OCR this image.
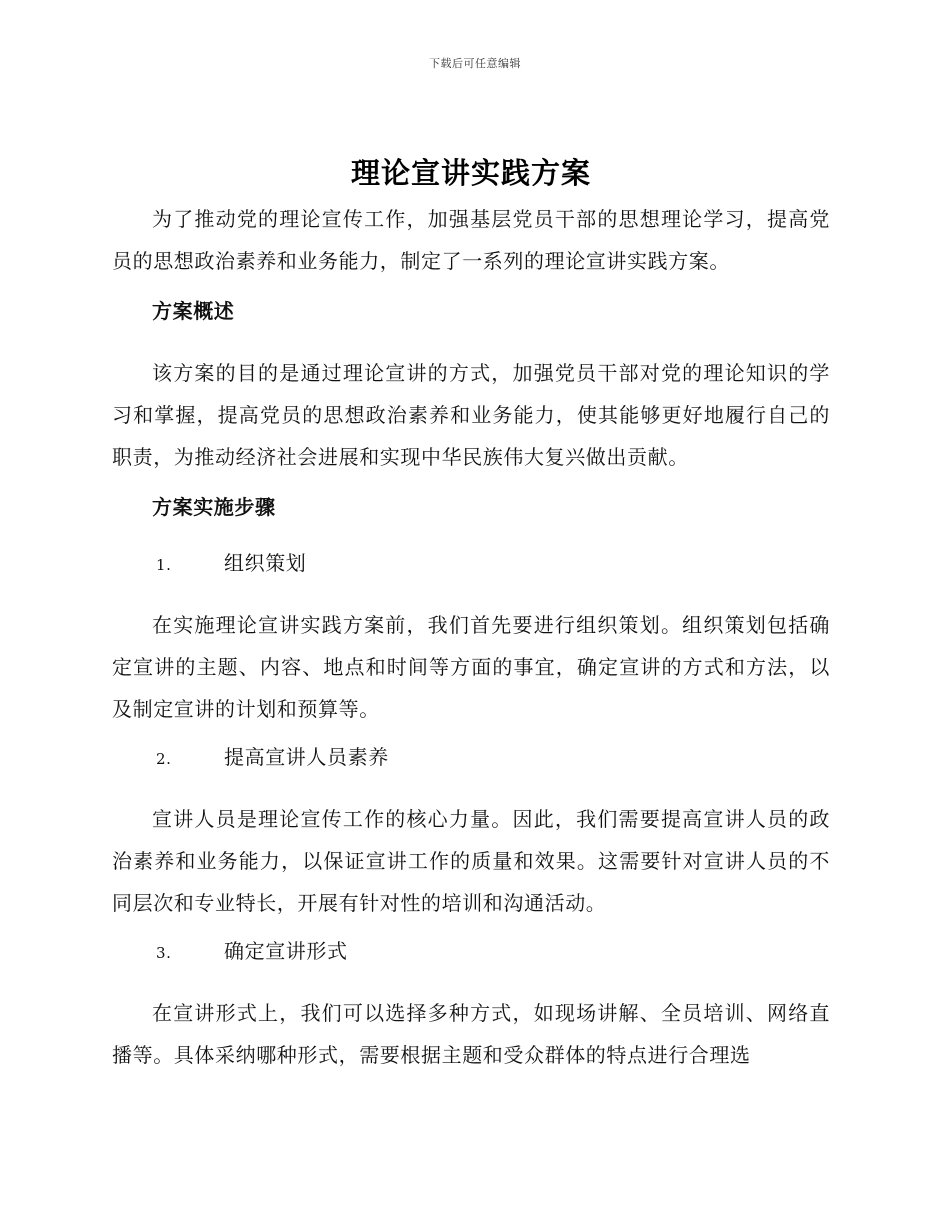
下载后可任意编辑
理论宣讲实践方案

为了推动党的理论宣传工作，加强基层党员干部的思想理论学习，提高党员的思想政治素养和业务能力，制定了一系列的理论宣讲实践方案。

方案概述

该方案的目的是通过理论宣讲的方式，加强党员干部对党的理论知识的学习和掌握，提高党员的思想政治素养和业务能力，使其能够更好地履行自己的职责，为推动经济社会进展和实现中华民族伟大复兴做出贡献。

方案实施步骤
1.	组织策划

在实施理论宣讲实践方案前，我们首先要进行组织策划。组织策划包括确定宣讲的主题、内容、地点和时间等方面的事宜，确定宣讲的方式和方法，以及制定宣讲的计划和预算等。

2.	提高宣讲人员素养

宣讲人员是理论宣传工作的核心力量。因此，我们需要提高宣讲人员的政治素养和业务能力，以保证宣讲工作的质量和效果。这需要针对宣讲人员的不同层次和专业特长，开展有针对性的培训和沟通活动。

3.	确定宣讲形式

在宣讲形式上，我们可以选择多种方式，如现场讲解、全员培训、网络直播等。具体采纳哪种形式，需要根据主题和受众群体的特点进行合理选
